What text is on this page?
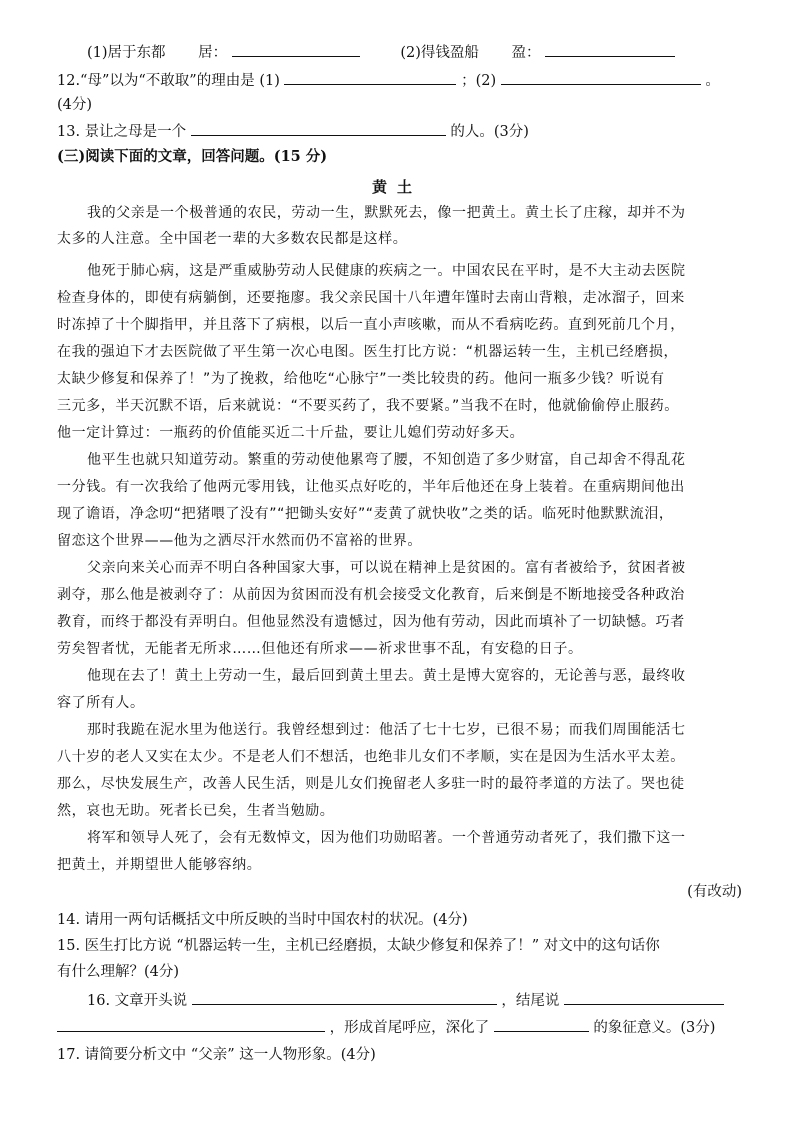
(1)居于东都 居：	(2)得钱盈船 盈：
12.“母”以为“不敢取”的理由是 (1)	；(2)	。
(4分)
13. 景让之母是一个	的人。(3分)
(三)阅读下面的文章，回答问题。(15 分)
黄土
我的父亲是一个极普通的农民，劳动一生，默默死去，像一把黄土。黄土长了庄稼，却并不为
太多的人注意。全中国老一辈的大多数农民都是这样。
他死于肺心病，这是严重威胁劳动人民健康的疾病之一。中国农民在平时，是不大主动去医院
检查身体的，即使有病躺倒，还要拖廖。我父亲民国十八年遭年馑时去南山背粮，走冰溜子，回来
时冻掉了十个脚指甲，并且落下了病根，以后一直小声咳嗽，而从不看病吃药。直到死前几个月，
在我的强迫下才去医院做了平生第一次心电图。医生打比方说：“机器运转一生，主机已经磨损，
太缺少修复和保养了！”为了挽救，给他吃“心脉宁”一类比较贵的药。他问一瓶多少钱？听说有
三元多，半天沉默不语，后来就说：“不要买药了，我不要紧。”当我不在时，他就偷偷停止服药。
他一定计算过：一瓶药的价值能买近二十斤盐，要让儿媳们劳动好多天。
他平生也就只知道劳动。繁重的劳动使他累弯了腰，不知创造了多少财富，自己却舍不得乱花
一分钱。有一次我给了他两元零用钱，让他买点好吃的，半年后他还在身上装着。在重病期间他出
现了谵语，净念叨“把猪喂了没有”“把锄头安好”“麦黄了就快收”之类的话。临死时他默默流泪，
留恋这个世界——他为之洒尽汗水然而仍不富裕的世界。
父亲向来关心而弄不明白各种国家大事，可以说在精神上是贫困的。富有者被给予，贫困者被
剥夺，那么他是被剥夺了：从前因为贫困而没有机会接受文化教育，后来倒是不断地接受各种政治
教育，而终于都没有弄明白。但他显然没有遗憾过，因为他有劳动，因此而填补了一切缺憾。巧者
劳矣智者忧，无能者无所求……但他还有所求——祈求世事不乱，有安稳的日子。
他现在去了！黄土上劳动一生，最后回到黄土里去。黄土是博大宽容的，无论善与恶，最终收
容了所有人。
那时我跪在泥水里为他送行。我曾经想到过：他活了七十七岁，已很不易；而我们周围能活七
八十岁的老人又实在太少。不是老人们不想活，也绝非儿女们不孝顺，实在是因为生活水平太差。
那么，尽快发展生产，改善人民生活，则是儿女们挽留老人多驻一时的最符孝道的方法了。哭也徒
然，哀也无助。死者长已矣，生者当勉励。
将军和领导人死了，会有无数悼文，因为他们功勋昭著。一个普通劳动者死了，我们撒下这一
把黄土，并期望世人能够容纳。
(有改动)
14. 请用一两句话概括文中所反映的当时中国农村的状况。(4分)
15. 医生打比方说 “机器运转一生，主机已经磨损，太缺少修复和保养了！” 对文中的这句话你
有什么理解？(4分)
16. 文章开头说	，结尾说
，形成首尾呼应，深化了	的象征意义。(3分)
17. 请简要分析文中 “父亲” 这一人物形象。(4分)
